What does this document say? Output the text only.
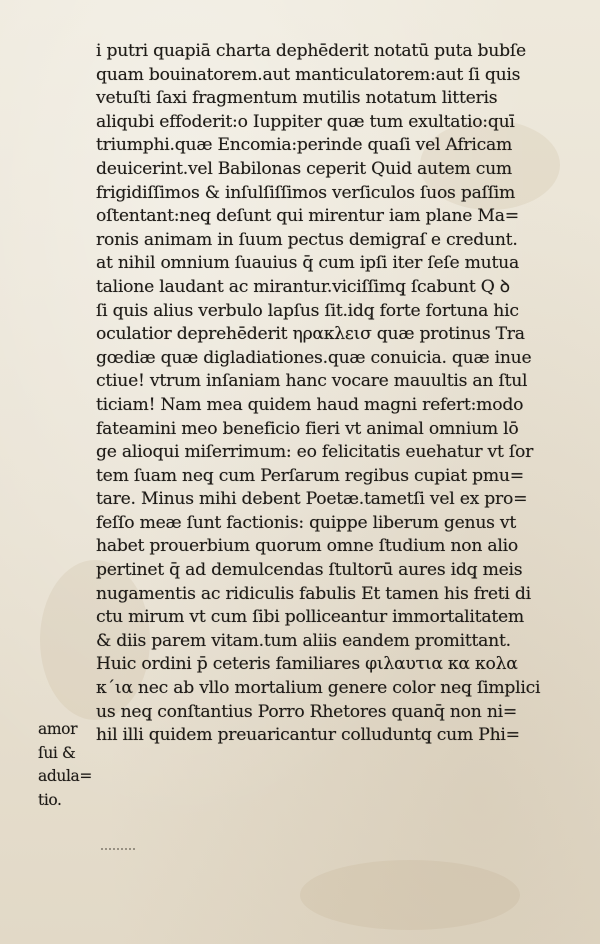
i putri quapiā charta dephēderit notatū puta bubſe
quam bouinatorem.aut manticulatorem:aut ſi quis
vetuſti ſaxi fragmentum mutilis notatum litteris
aliqubi effoderit:o Iuppiter quæ tum exultatio:quī
triumphi.quæ Encomia:perinde quaſi vel Africam
deuicerint.vel Babilonas ceperit Quid autem cum
frigidiſſimos & inſulſiſſimos verſiculos ſuos paſſim
oſtentant:neq̧ deſunt qui mirentur iam plane Ma=
ronis animam in ſuum pectus demigraſ e credunt.
at nihil omnium ſuauius q̄ cum ipſi iter ſeſe mutua
talione laudant ac mirantur.viciſſimq̧ ſcabunt Q ꝺ
ſi quis alius verbulo lapſus ſit.idq̧ forte fortuna hic
oculatior deprehēderit ηρακλεισ quæ protinus Tra
gœdiæ quæ digladiationes.quæ conuicia. quæ inue
ctiue! vtrum inſaniam hanc vocare mauultis an ſtul
ticiam! Nam mea quidem haud magni refert:modo
fateamini meo beneficio fieri vt animal omnium lō
ge alioqui miſerrimum: eo felicitatis euehatur vt ſor
tem ſuam neq̧ cum Perſarum regibus cupiat pmu=
tare. Minus mihi debent Poetæ.tametſi vel ex pro=
feſſo meæ ſunt factionis: quippe liberum genus vt
habet prouerbium quorum omne ſtudium non alio
pertinet q̄ ad demulcendas ſtultorū aures idq̧ meis
nugamentis ac ridiculis fabulis Et tamen his freti di
ctu mirum vt cum ſibi polliceantur immortalitatem
& diis parem vitam.tum aliis eandem promittant.
Huic ordini p̄ ceteris familiares φιλαυτια κα κολα
κ´ια nec ab vllo mortalium genere color neq̧ ſimplici
us neq̧ conſtantius Porro Rhetores quanq̄ non ni=
hil illi quidem preuaricantur colluduntq̧ cum Phi=
amor
ſui &
adula=
tio.
